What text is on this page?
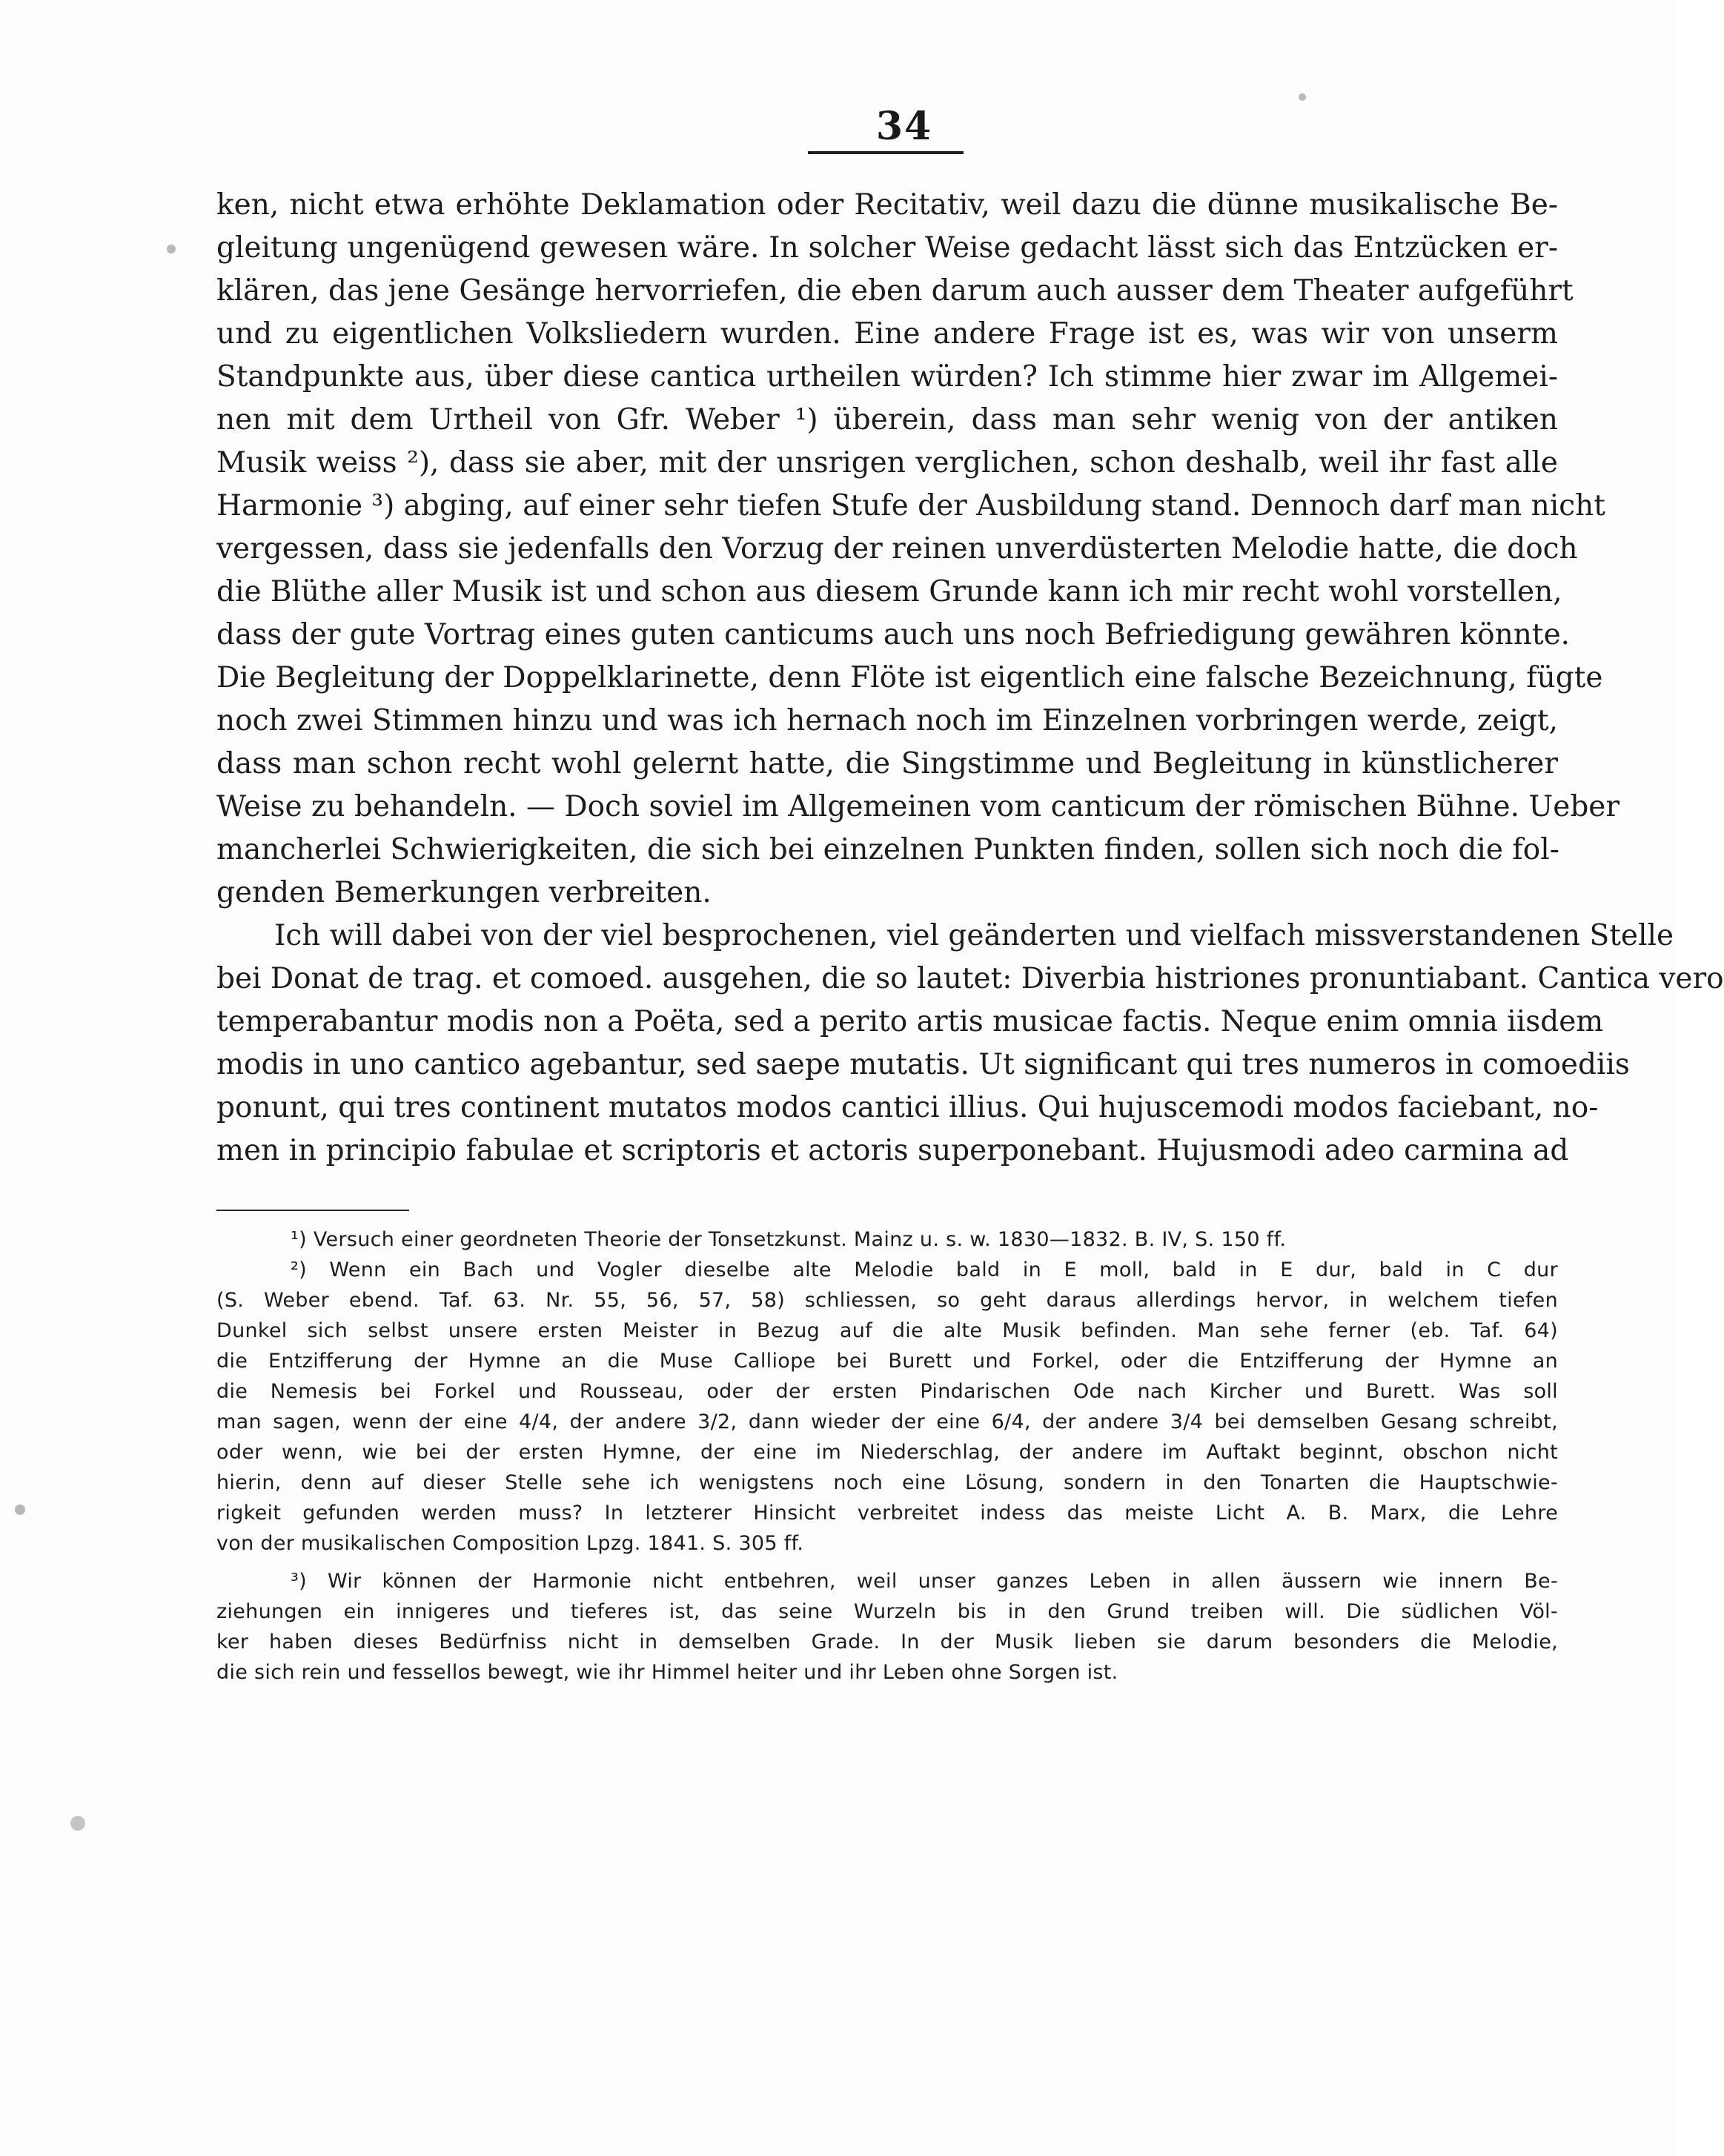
34
ken, nicht etwa erhöhte Deklamation oder Recitativ, weil dazu die dünne musikalische Be-
gleitung ungenügend gewesen wäre. In solcher Weise gedacht lässt sich das Entzücken er-
klären, das jene Gesänge hervorriefen, die eben darum auch ausser dem Theater aufgeführt
und zu eigentlichen Volksliedern wurden. Eine andere Frage ist es, was wir von unserm
Standpunkte aus, über diese cantica urtheilen würden? Ich stimme hier zwar im Allgemei-
nen mit dem Urtheil von Gfr. Weber ¹) überein, dass man sehr wenig von der antiken
Musik weiss ²), dass sie aber, mit der unsrigen verglichen, schon deshalb, weil ihr fast alle
Harmonie ³) abging, auf einer sehr tiefen Stufe der Ausbildung stand. Dennoch darf man nicht
vergessen, dass sie jedenfalls den Vorzug der reinen unverdüsterten Melodie hatte, die doch
die Blüthe aller Musik ist und schon aus diesem Grunde kann ich mir recht wohl vorstellen,
dass der gute Vortrag eines guten canticums auch uns noch Befriedigung gewähren könnte.
Die Begleitung der Doppelklarinette, denn Flöte ist eigentlich eine falsche Bezeichnung, fügte
noch zwei Stimmen hinzu und was ich hernach noch im Einzelnen vorbringen werde, zeigt,
dass man schon recht wohl gelernt hatte, die Singstimme und Begleitung in künstlicherer
Weise zu behandeln. — Doch soviel im Allgemeinen vom canticum der römischen Bühne. Ueber
mancherlei Schwierigkeiten, die sich bei einzelnen Punkten finden, sollen sich noch die fol-
genden Bemerkungen verbreiten.
Ich will dabei von der viel besprochenen, viel geänderten und vielfach missverstandenen Stelle
bei Donat de trag. et comoed. ausgehen, die so lautet: Diverbia histriones pronuntiabant. Cantica vero
temperabantur modis non a Poëta, sed a perito artis musicae factis. Neque enim omnia iisdem
modis in uno cantico agebantur, sed saepe mutatis. Ut significant qui tres numeros in comoediis
ponunt, qui tres continent mutatos modos cantici illius. Qui hujuscemodi modos faciebant, no-
men in principio fabulae et scriptoris et actoris superponebant. Hujusmodi adeo carmina ad
¹) Versuch einer geordneten Theorie der Tonsetzkunst. Mainz u. s. w. 1830—1832. B. IV, S. 150 ff.
²) Wenn ein Bach und Vogler dieselbe alte Melodie bald in E moll, bald in E dur, bald in C dur
(S. Weber ebend. Taf. 63. Nr. 55, 56, 57, 58) schliessen, so geht daraus allerdings hervor, in welchem tiefen
Dunkel sich selbst unsere ersten Meister in Bezug auf die alte Musik befinden. Man sehe ferner (eb. Taf. 64)
die Entzifferung der Hymne an die Muse Calliope bei Burett und Forkel, oder die Entzifferung der Hymne an
die Nemesis bei Forkel und Rousseau, oder der ersten Pindarischen Ode nach Kircher und Burett. Was soll
man sagen, wenn der eine 4/4, der andere 3/2, dann wieder der eine 6/4, der andere 3/4 bei demselben Gesang schreibt,
oder wenn, wie bei der ersten Hymne, der eine im Niederschlag, der andere im Auftakt beginnt, obschon nicht
hierin, denn auf dieser Stelle sehe ich wenigstens noch eine Lösung, sondern in den Tonarten die Hauptschwie-
rigkeit gefunden werden muss? In letzterer Hinsicht verbreitet indess das meiste Licht A. B. Marx, die Lehre
von der musikalischen Composition Lpzg. 1841. S. 305 ff.
³) Wir können der Harmonie nicht entbehren, weil unser ganzes Leben in allen äussern wie innern Be-
ziehungen ein innigeres und tieferes ist, das seine Wurzeln bis in den Grund treiben will. Die südlichen Völ-
ker haben dieses Bedürfniss nicht in demselben Grade. In der Musik lieben sie darum besonders die Melodie,
die sich rein und fessellos bewegt, wie ihr Himmel heiter und ihr Leben ohne Sorgen ist.
